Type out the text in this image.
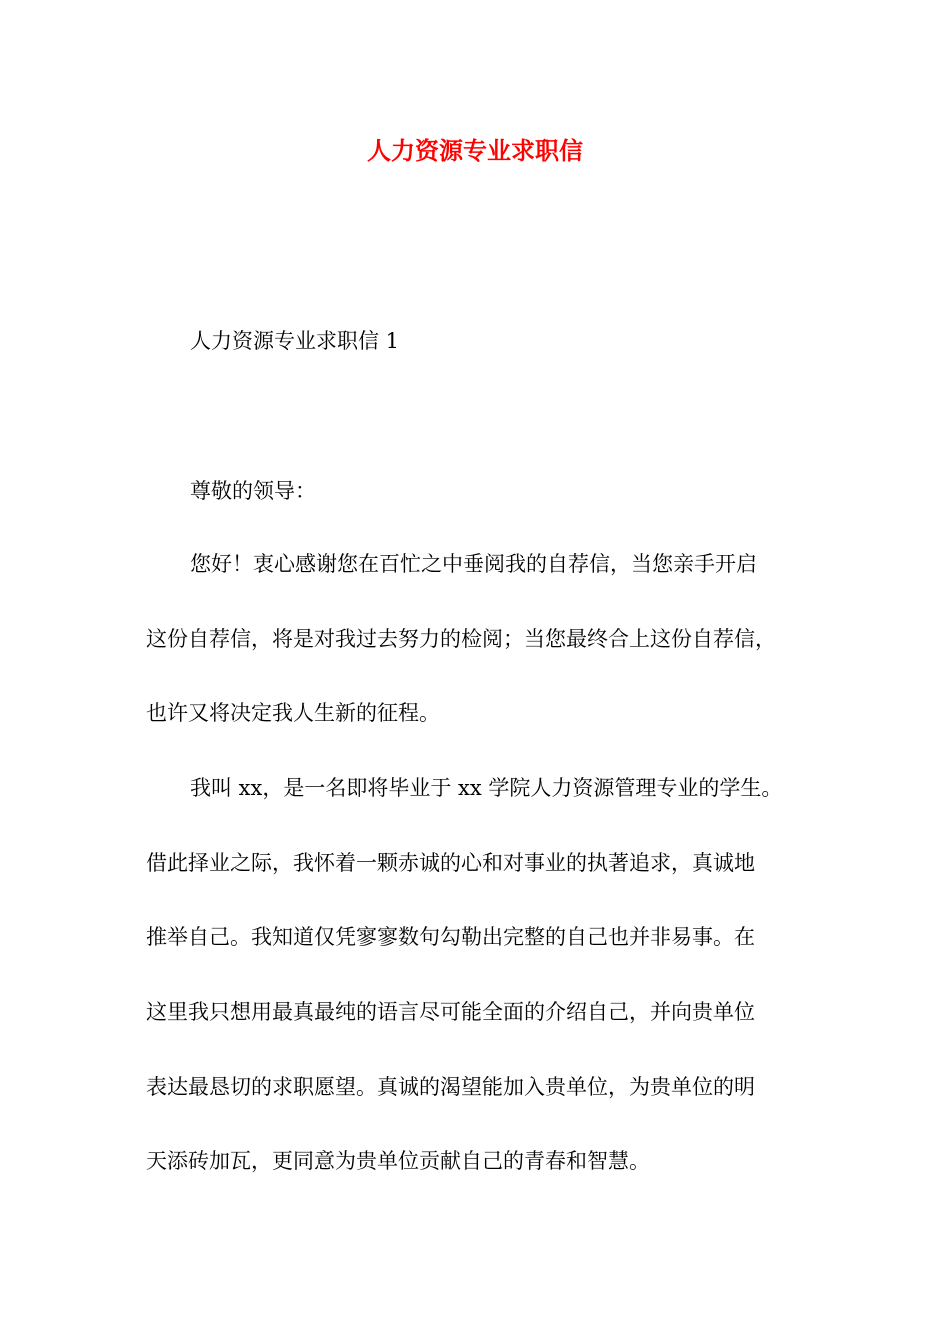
人力资源专业求职信
人力资源专业求职信 1
尊敬的领导：
您好！衷心感谢您在百忙之中垂阅我的自荐信，当您亲手开启
这份自荐信，将是对我过去努力的检阅；当您最终合上这份自荐信，
也许又将决定我人生新的征程。
我叫 xx，是一名即将毕业于 xx 学院人力资源管理专业的学生。
借此择业之际，我怀着一颗赤诚的心和对事业的执著追求，真诚地
推举自己。我知道仅凭寥寥数句勾勒出完整的自己也并非易事。在
这里我只想用最真最纯的语言尽可能全面的介绍自己，并向贵单位
表达最恳切的求职愿望。真诚的渴望能加入贵单位，为贵单位的明
天添砖加瓦，更同意为贵单位贡献自己的青春和智慧。
